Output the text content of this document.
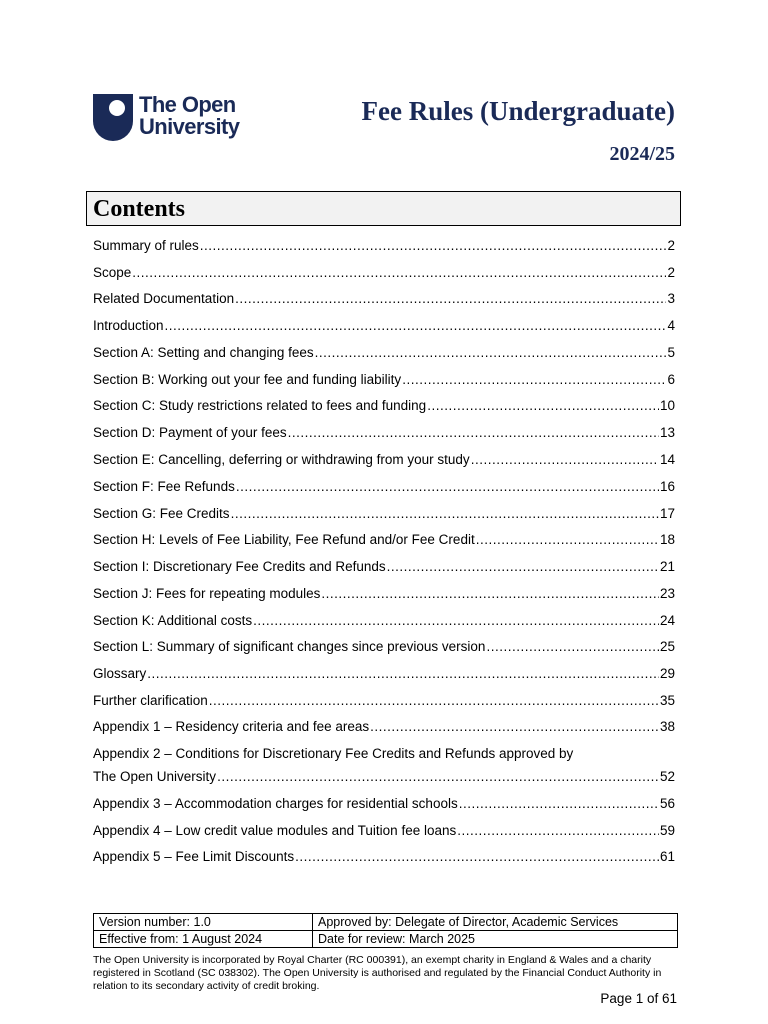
The Open
University
Fee Rules (Undergraduate)
2024/25
Contents
Summary of rules .....	2
Scope .....	2
Related Documentation .....	3
Introduction .....	4
Section A: Setting and changing fees .....	5
Section B: Working out your fee and funding liability .....	6
Section C: Study restrictions related to fees and funding .....	10
Section D: Payment of your fees .....	13
Section E: Cancelling, deferring or withdrawing from your study .....	14
Section F: Fee Refunds .....	16
Section G: Fee Credits .....	17
Section H: Levels of Fee Liability, Fee Refund and/or Fee Credit .....	18
Section I: Discretionary Fee Credits and Refunds .....	21
Section J: Fees for repeating modules .....	23
Section K: Additional costs .....	24
Section L: Summary of significant changes since previous version .....	25
Glossary .....	29
Further clarification .....	35
Appendix 1 – Residency criteria and fee areas .....	38
Appendix 2 – Conditions for Discretionary Fee Credits and Refunds approved by
The Open University .....	52
Appendix 3 – Accommodation charges for residential schools .....	56
Appendix 4 – Low credit value modules and Tuition fee loans .....	59
Appendix 5 – Fee Limit Discounts .....	61
Version number: 1.0	Approved by: Delegate of Director, Academic Services
Effective from: 1 August 2024	Date for review: March 2025

The Open University is incorporated by Royal Charter (RC 000391), an exempt charity in England & Wales and a charity registered in Scotland (SC 038302). The Open University is authorised and regulated by the Financial Conduct Authority in relation to its secondary activity of credit broking.

Page 1 of 61
